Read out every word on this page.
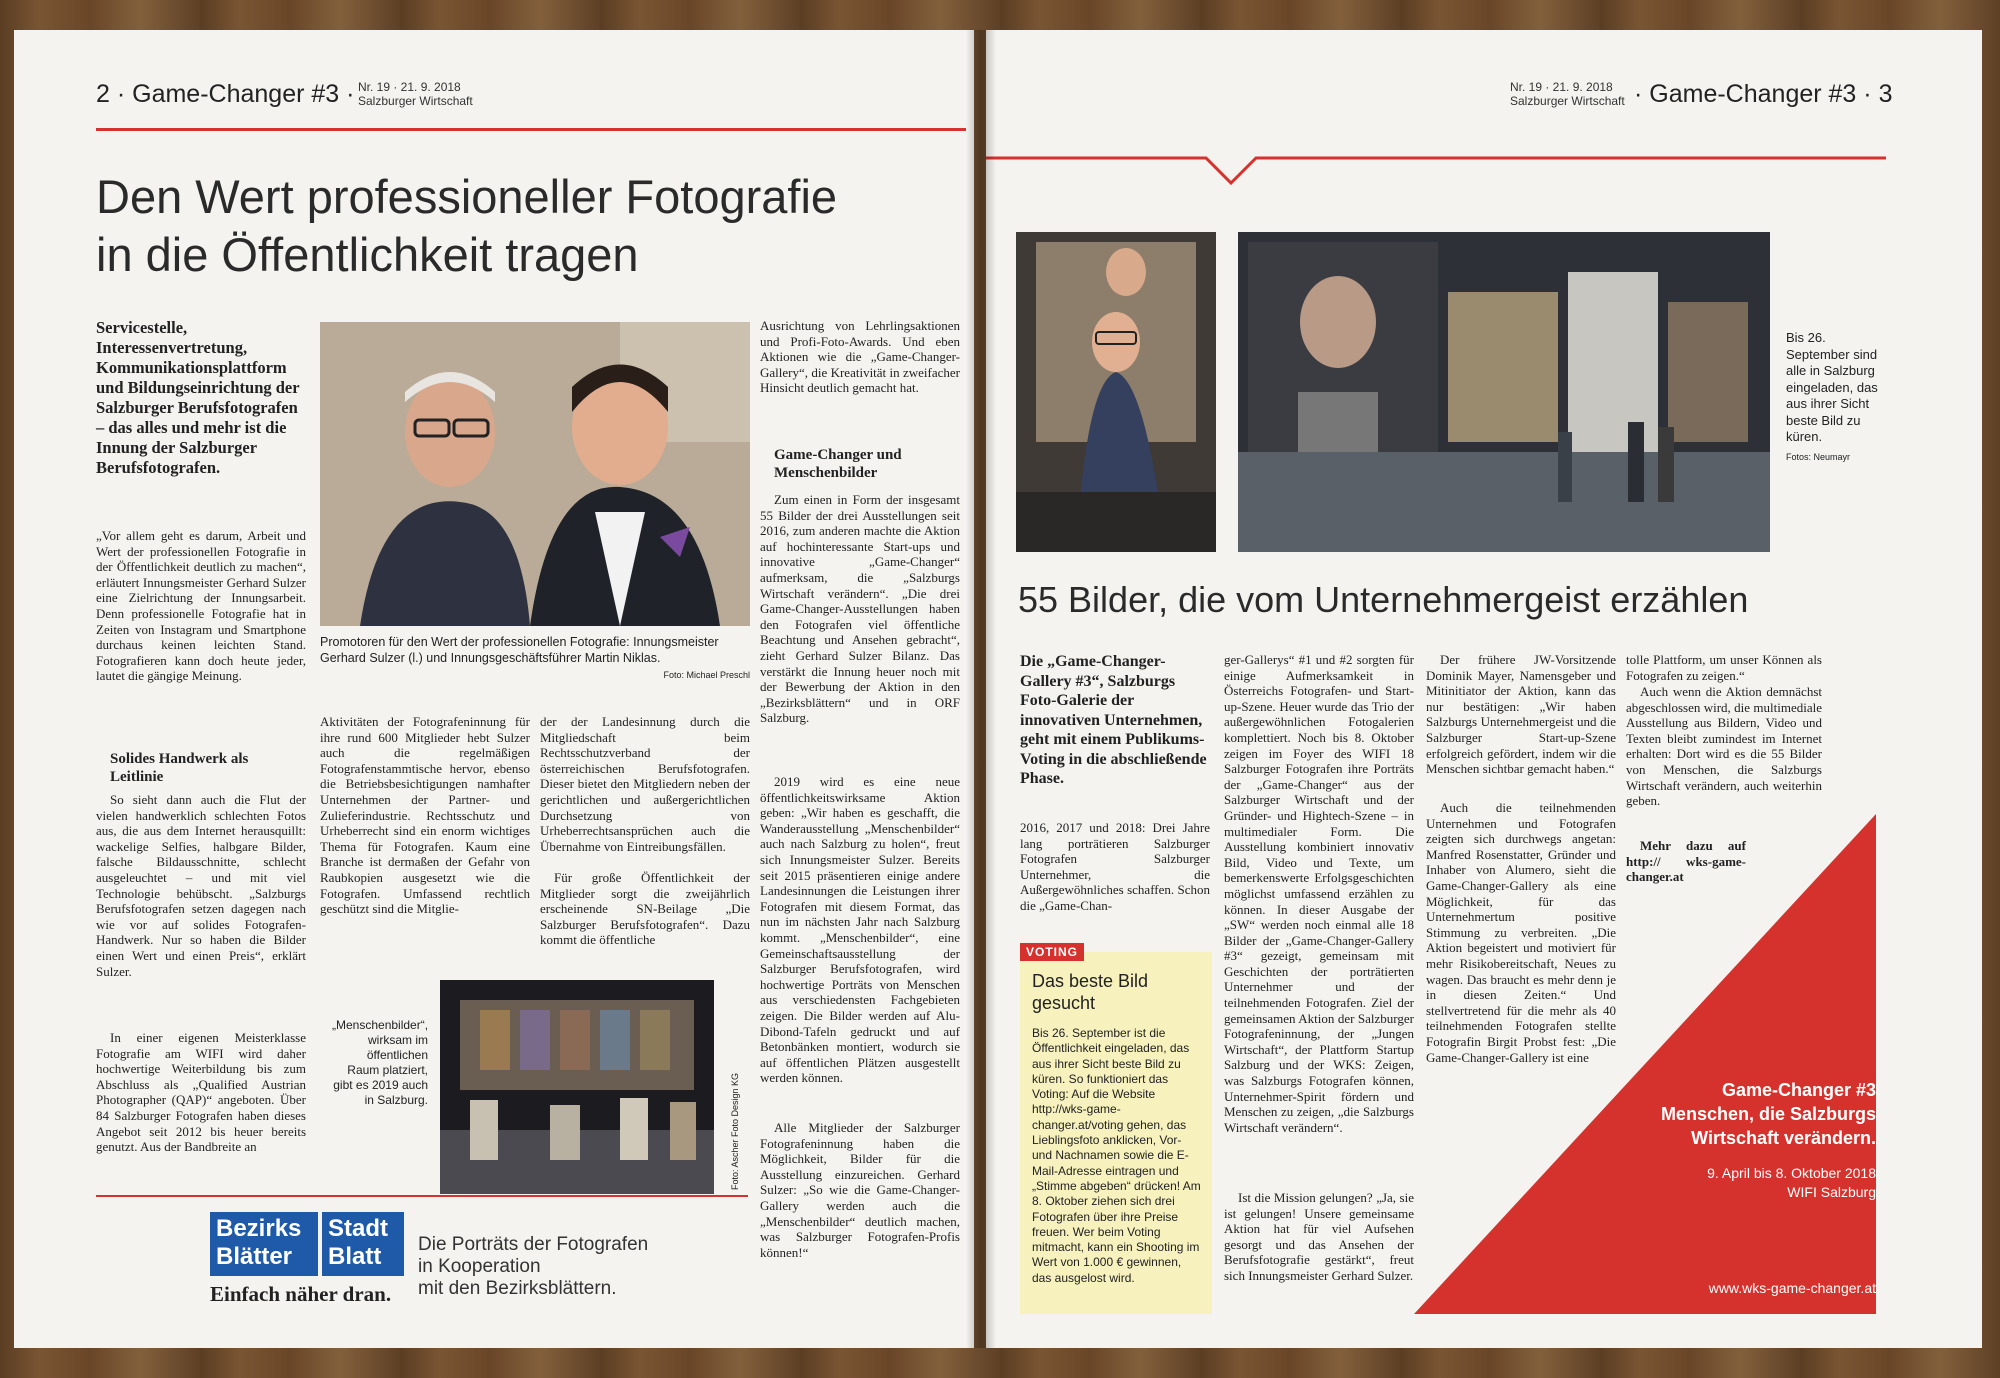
2 · Game-Changer #3 · Nr. 19 · 21. 9. 2018
Salzburger Wirtschaft
Den Wert professioneller Fotografie
in die Öffentlichkeit tragen
Servicestelle, Interessenvertretung, Kommunikationsplattform und Bildungseinrichtung der Salzburger Berufsfotografen – das alles und mehr ist die Innung der Salzburger Berufsfotografen.
„Vor allem geht es darum, Arbeit und Wert der professionellen Fotografie in der Öffentlichkeit deutlich zu machen“, erläutert Innungsmeister Gerhard Sulzer eine Zielrichtung der Innungsarbeit. Denn professionelle Fotografie hat in Zeiten von Instagram und Smartphone durchaus keinen leichten Stand. Fotografieren kann doch heute jeder, lautet die gängige Meinung.
Solides Handwerk als Leitlinie
So sieht dann auch die Flut der vielen handwerklich schlechten Fotos aus, die aus dem Internet herausquillt: wackelige Selfies, halbgare Bilder, falsche Bildausschnitte, schlecht ausgeleuchtet – und mit viel Technologie behübscht. „Salzburgs Berufsfotografen setzen dagegen nach wie vor auf solides Fotografen-Handwerk. Nur so haben die Bilder einen Wert und einen Preis“, erklärt Sulzer.
In einer eigenen Meisterklasse Fotografie am WIFI wird daher hochwertige Weiterbildung bis zum Abschluss als „Qualified Austrian Photographer (QAP)“ angeboten. Über 84 Salzburger Fotografen haben dieses Angebot seit 2012 bis heuer bereits genutzt. Aus der Bandbreite an
Promotoren für den Wert der professionellen Fotografie: Innungsmeister Gerhard Sulzer (l.) und Innungsgeschäftsführer Martin Niklas.
Foto: Michael Preschl
Aktivitäten der Fotografeninnung für ihre rund 600 Mitglieder hebt Sulzer auch die regelmäßigen Fotografenstammtische hervor, ebenso die Betriebsbesichtigungen namhafter Unternehmen der Partner- und Zulieferindustrie. Rechtsschutz und Urheberrecht sind ein enorm wichtiges Thema für Fotografen. Kaum eine Branche ist dermaßen der Gefahr von Raubkopien ausgesetzt wie die Fotografen. Umfassend rechtlich geschützt sind die Mitglie-
der der Landesinnung durch die Mitgliedschaft beim Rechtsschutzverband der österreichischen Berufsfotografen. Dieser bietet den Mitgliedern neben der gerichtlichen und außergerichtlichen Durchsetzung von Urheberrechtsansprüchen auch die Übernahme von Eintreibungsfällen.
Für große Öffentlichkeit der Mitglieder sorgt die zweijährlich erscheinende SN-Beilage „Die Salzburger Berufsfotografen“. Dazu kommt die öffentliche
„Menschenbilder“, wirksam im öffentlichen Raum platziert, gibt es 2019 auch in Salzburg.	Foto: Ascher Foto Design KG
Ausrichtung von Lehrlingsaktionen und Profi-Foto-Awards. Und eben Aktionen wie die „Game-Changer-Gallery“, die Kreativität in zweifacher Hinsicht deutlich gemacht hat.
Game-Changer und Menschenbilder
Zum einen in Form der insgesamt 55 Bilder der drei Ausstellungen seit 2016, zum anderen machte die Aktion auf hochinteressante Start-ups und innovative „Game-Changer“ aufmerksam, die „Salzburgs Wirtschaft verändern“. „Die drei Game-Changer-Ausstellungen haben den Fotografen viel öffentliche Beachtung und Ansehen gebracht“, zieht Gerhard Sulzer Bilanz. Das verstärkt die Innung heuer noch mit der Bewerbung der Aktion in den „Bezirksblättern“ und in ORF Salzburg.
2019 wird es eine neue öffentlichkeitswirksame Aktion geben: „Wir haben es geschafft, die Wanderausstellung „Menschenbilder“ auch nach Salzburg zu holen“, freut sich Innungsmeister Sulzer. Bereits seit 2015 präsentieren einige andere Landesinnungen die Leistungen ihrer Fotografen mit diesem Format, das nun im nächsten Jahr nach Salzburg kommt. „Menschenbilder“, eine Gemeinschaftsausstellung der Salzburger Berufsfotografen, wird hochwertige Porträts von Menschen aus verschiedensten Fachgebieten zeigen. Die Bilder werden auf Alu-Dibond-Tafeln gedruckt und auf Betonbänken montiert, wodurch sie auf öffentlichen Plätzen ausgestellt werden können.
Alle Mitglieder der Salzburger Fotografeninnung haben die Möglichkeit, Bilder für die Ausstellung einzureichen. Gerhard Sulzer: „So wie die Game-Changer-Gallery werden auch die „Menschenbilder“ deutlich machen, was Salzburger Fotografen-Profis können!“
Bezirks
Blätter
Stadt
Blatt
Einfach näher dran.
Die Porträts der Fotografen
in Kooperation
mit den Bezirksblättern.
Nr. 19 · 21. 9. 2018
Salzburger Wirtschaft · Game-Changer #3 · 3
Bis 26. September sind alle in Salzburg eingeladen, das aus ihrer Sicht beste Bild zu küren.
Fotos: Neumayr
55 Bilder, die vom Unternehmergeist erzählen
Die „Game-Changer-Gallery #3“, Salzburgs Foto-Galerie der innovativen Unternehmen, geht mit einem Publikums-Voting in die abschließende Phase.
2016, 2017 und 2018: Drei Jahre lang porträtieren Salzburger Fotografen Salzburger Unternehmer, die Außergewöhnliches schaffen. Schon die „Game-Chan-
VOTING
Das beste Bild gesucht
Bis 26. September ist die Öffentlichkeit eingeladen, das aus ihrer Sicht beste Bild zu küren. So funktioniert das Voting: Auf die Website http://wks-game-changer.at/voting gehen, das Lieblingsfoto anklicken, Vor- und Nachnamen sowie die E-Mail-Adresse eintragen und „Stimme abgeben“ drücken! Am 8. Oktober ziehen sich drei Fotografen über ihre Preise freuen. Wer beim Voting mitmacht, kann ein Shooting im Wert von 1.000 € gewinnen, das ausgelost wird.
ger-Gallerys“ #1 und #2 sorgten für einige Aufmerksamkeit in Österreichs Fotografen- und Start-up-Szene. Heuer wurde das Trio der außergewöhnlichen Fotogalerien komplettiert. Noch bis 8. Oktober zeigen im Foyer des WIFI 18 Salzburger Fotografen ihre Porträts der „Game-Changer“ aus der Salzburger Wirtschaft und der Gründer- und Hightech-Szene – in multimedialer Form. Die Ausstellung kombiniert innovativ Bild, Video und Texte, um bemerkenswerte Erfolgsgeschichten möglichst umfassend erzählen zu können. In dieser Ausgabe der „SW“ werden noch einmal alle 18 Bilder der „Game-Changer-Gallery #3“ gezeigt, gemeinsam mit Geschichten der porträtierten Unternehmer und der teilnehmenden Fotografen. Ziel der gemeinsamen Aktion der Salzburger Fotografeninnung, der „Jungen Wirtschaft“, der Plattform Startup Salzburg und der WKS: Zeigen, was Salzburgs Fotografen können, Unternehmer-Spirit fördern und Menschen zu zeigen, „die Salzburgs Wirtschaft verändern“.
Ist die Mission gelungen? „Ja, sie ist gelungen! Unsere gemeinsame Aktion hat für viel Aufsehen gesorgt und das Ansehen der Berufsfotografie gestärkt“, freut sich Innungsmeister Gerhard Sulzer.
Der frühere JW-Vorsitzende Dominik Mayer, Namensgeber und Mitinitiator der Aktion, kann das nur bestätigen: „Wir haben Salzburgs Unternehmergeist und die Salzburger Start-up-Szene erfolgreich gefördert, indem wir die Menschen sichtbar gemacht haben.“
Auch die teilnehmenden Unternehmen und Fotografen zeigten sich durchwegs angetan: Manfred Rosenstatter, Gründer und Inhaber von Alumero, sieht die Game-Changer-Gallery als eine Möglichkeit, für das Unternehmertum positive Stimmung zu verbreiten. „Die Aktion begeistert und motiviert für mehr Risikobereitschaft, Neues zu wagen. Das braucht es mehr denn je in diesen Zeiten.“ Und stellvertretend für die mehr als 40 teilnehmenden Fotografen stellte Fotografin Birgit Probst fest: „Die Game-Changer-Gallery ist eine
tolle Plattform, um unser Können als Fotografen zu zeigen.“
Auch wenn die Aktion demnächst abgeschlossen wird, die multimediale Ausstellung aus Bildern, Video und Texten bleibt zumindest im Internet erhalten: Dort wird es die 55 Bilder von Menschen, die Salzburgs Wirtschaft verändern, auch weiterhin geben.
Mehr dazu auf http:// wks-game-changer.at
Game-Changer #3
Menschen, die Salzburgs
Wirtschaft verändern.
9. April bis 8. Oktober 2018
WIFI Salzburg
www.wks-game-changer.at
